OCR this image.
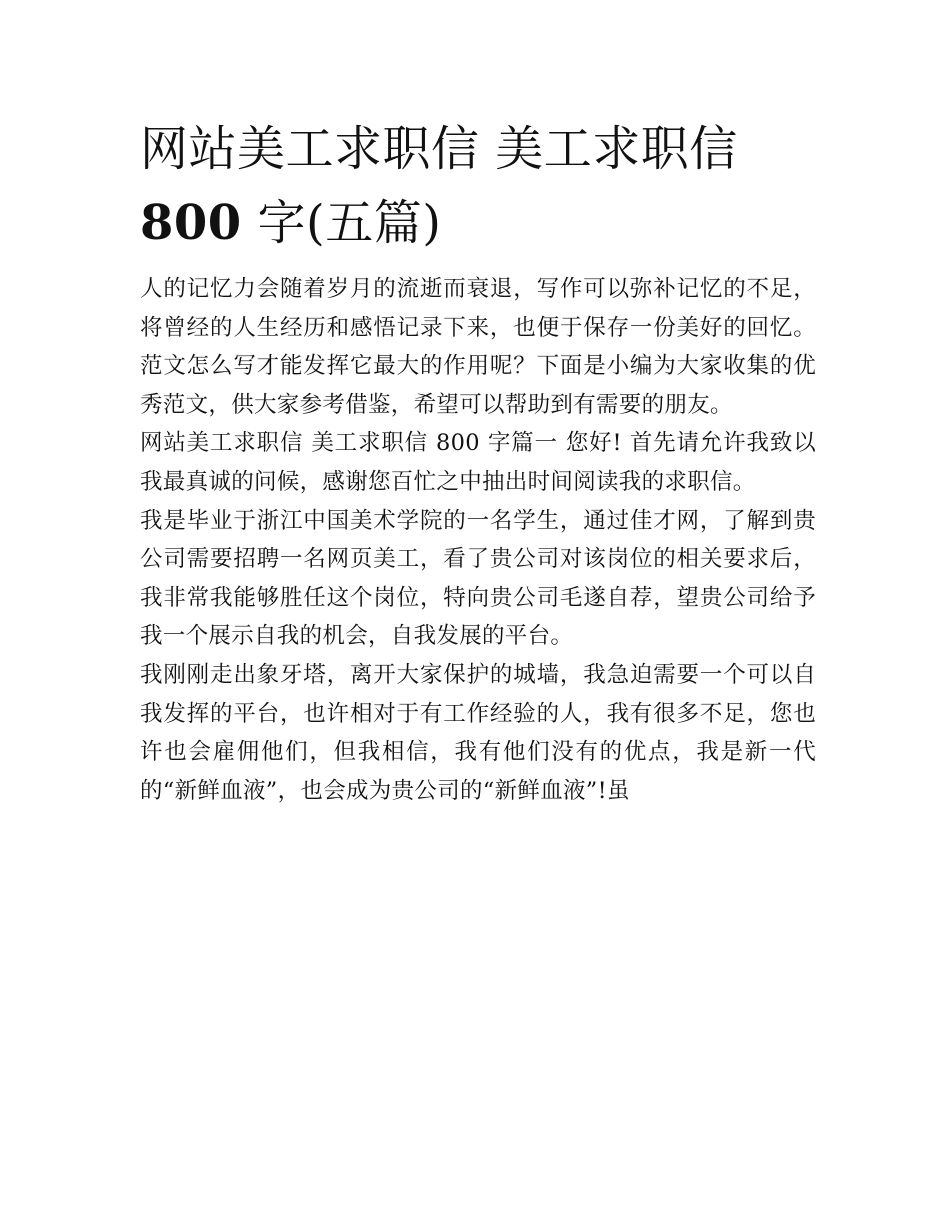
网站美工求职信 美工求职信
800 字(五篇)

人的记忆力会随着岁月的流逝而衰退，写作可以弥补记忆的不足，将曾经的人生经历和感悟记录下来，也便于保存一份美好的回忆。范文怎么写才能发挥它最大的作用呢？下面是小编为大家收集的优秀范文，供大家参考借鉴，希望可以帮助到有需要的朋友。

网站美工求职信 美工求职信 800 字篇一 您好! 首先请允许我致以我最真诚的问候，感谢您百忙之中抽出时间阅读我的求职信。

我是毕业于浙江中国美术学院的一名学生，通过佳才网，了解到贵公司需要招聘一名网页美工，看了贵公司对该岗位的相关要求后，我非常我能够胜任这个岗位，特向贵公司毛遂自荐，望贵公司给予我一个展示自我的机会，自我发展的平台。

我刚刚走出象牙塔，离开大家保护的城墙，我急迫需要一个可以自我发挥的平台，也许相对于有工作经验的人，我有很多不足，您也许也会雇佣他们，但我相信，我有他们没有的优点，我是新一代的“新鲜血液”，也会成为贵公司的“新鲜血液”!虽
